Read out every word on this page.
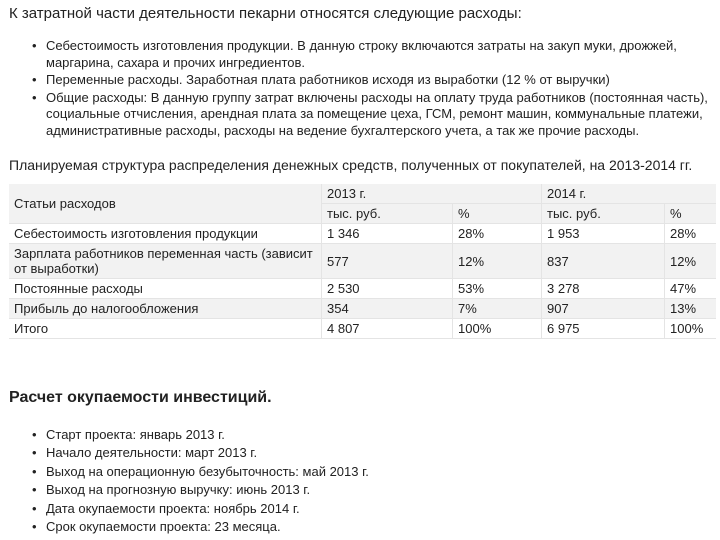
К затратной части деятельности пекарни относятся следующие расходы:

• Себестоимость изготовления продукции. В данную строку включаются затраты на закуп муки, дрожжей, маргарина, сахара и прочих ингредиентов.
• Переменные расходы. Заработная плата работников исходя из выработки (12 % от выручки)
• Общие расходы: В данную группу затрат включены расходы на оплату труда работников (постоянная часть), социальные отчисления, арендная плата за помещение цеха, ГСМ, ремонт машин, коммунальные платежи, административные расходы, расходы на ведение бухгалтерского учета, а так же прочие расходы.

Планируемая структура распределения денежных средств, полученных от покупателей, на 2013-2014 гг.

Статьи расходов	2013 г.		2014 г.	
	тыс. руб.	%	тыс. руб.	%
Себестоимость изготовления продукции	1 346	28%	1 953	28%
Зарплата работников переменная часть (зависит от выработки)	577	12%	837	12%
Постоянные расходы	2 530	53%	3 278	47%
Прибыль до налогообложения	354	7%	907	13%
Итого	4 807	100%	6 975	100%
Расчет окупаемости инвестиций.
• Старт проекта: январь 2013 г.
• Начало деятельности: март 2013 г.
• Выход на операционную безубыточность: май 2013 г.
• Выход на прогнозную выручку: июнь 2013 г.
• Дата окупаемости проекта: ноябрь 2014 г.
• Срок окупаемости проекта: 23 месяца.
